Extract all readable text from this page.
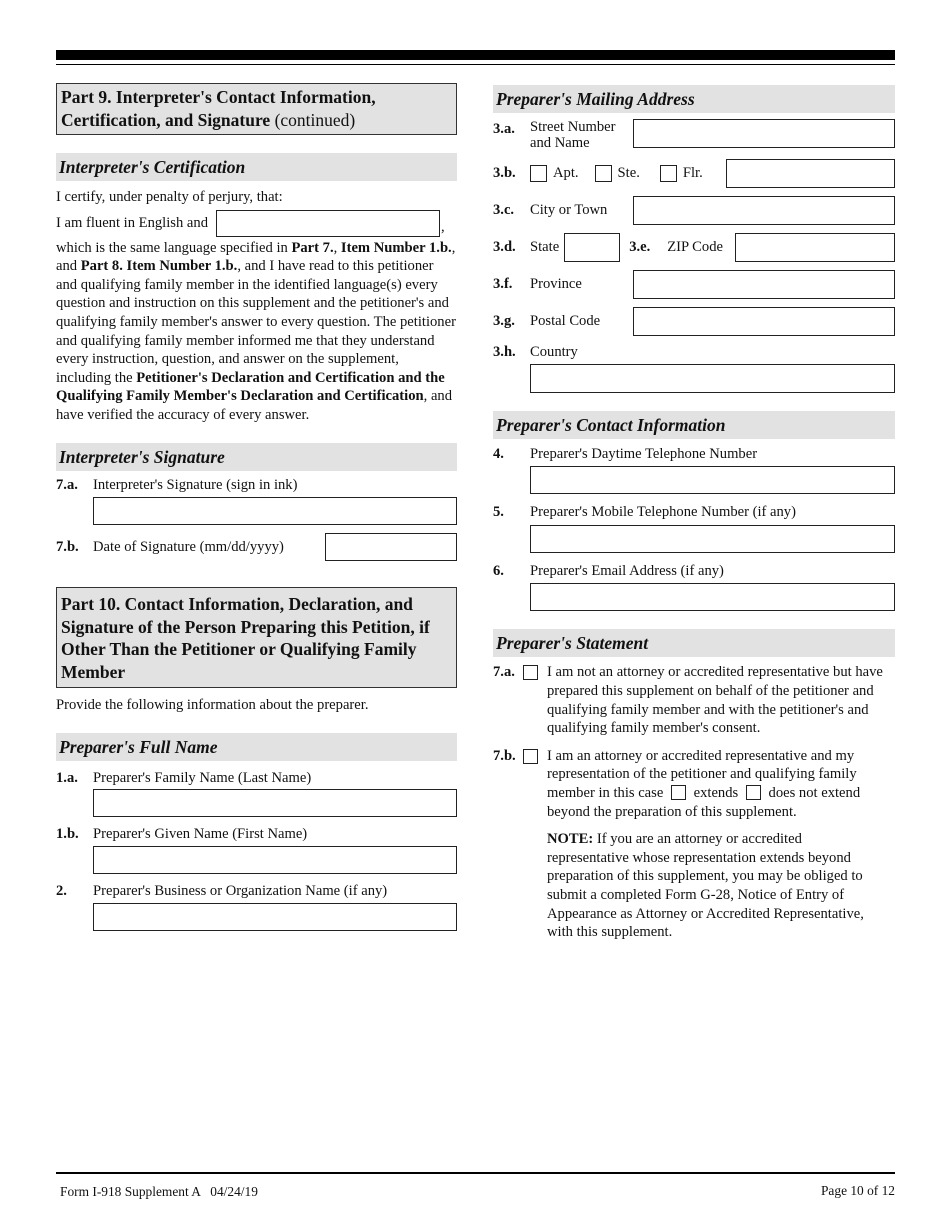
Part 9. Interpreter's Contact Information, Certification, and Signature (continued)
Interpreter's Certification

I certify, under penalty of perjury, that:

I am fluent in English and	,

which is the same language specified in Part 7., Item Number 1.b., and Part 8. Item Number 1.b., and I have read to this petitioner and qualifying family member in the identified language(s) every question and instruction on this supplement and the petitioner's and qualifying family member's answer to every question. The petitioner and qualifying family member informed me that they understand every instruction, question, and answer on the supplement, including the Petitioner's Declaration and Certification and the Qualifying Family Member's Declaration and Certification, and have verified the accuracy of every answer.

Interpreter's Signature
7.a.	Interpreter's Signature (sign in ink)
7.b. Date of Signature (mm/dd/yyyy)
Part 10. Contact Information, Declaration, and Signature of the Person Preparing this Petition, if Other Than the Petitioner or Qualifying Family Member

Provide the following information about the preparer.

Preparer's Full Name
1.a.	Preparer's Family Name (Last Name)
1.b. Preparer's Given Name (First Name)
2.	Preparer's Business or Organization Name (if any)
Preparer's Mailing Address
3.a.	Street Number and Name
3.b.	Apt.	Ste.	Flr.
3.c.	City or Town
3.d. State	3.e.	ZIP Code
3.f.	Province
3.g.	Postal Code
3.h. Country
Preparer's Contact Information
4.	Preparer's Daytime Telephone Number
5.	Preparer's Mobile Telephone Number (if any)
6.	Preparer's Email Address (if any)
Preparer's Statement
7.a.	I am not an attorney or accredited representative but have prepared this supplement on behalf of the petitioner and qualifying family member and with the petitioner's and qualifying family member's consent.

7.b.	I am an attorney or accredited representative and my representation of the petitioner and qualifying family member in this case extends does not extend beyond the preparation of this supplement.

NOTE: If you are an attorney or accredited representative whose representation extends beyond preparation of this supplement, you may be obliged to submit a completed Form G-28, Notice of Entry of Appearance as Attorney or Accredited Representative, with this supplement.

Form I-918 Supplement A   04/24/19	Page 10 of 12
